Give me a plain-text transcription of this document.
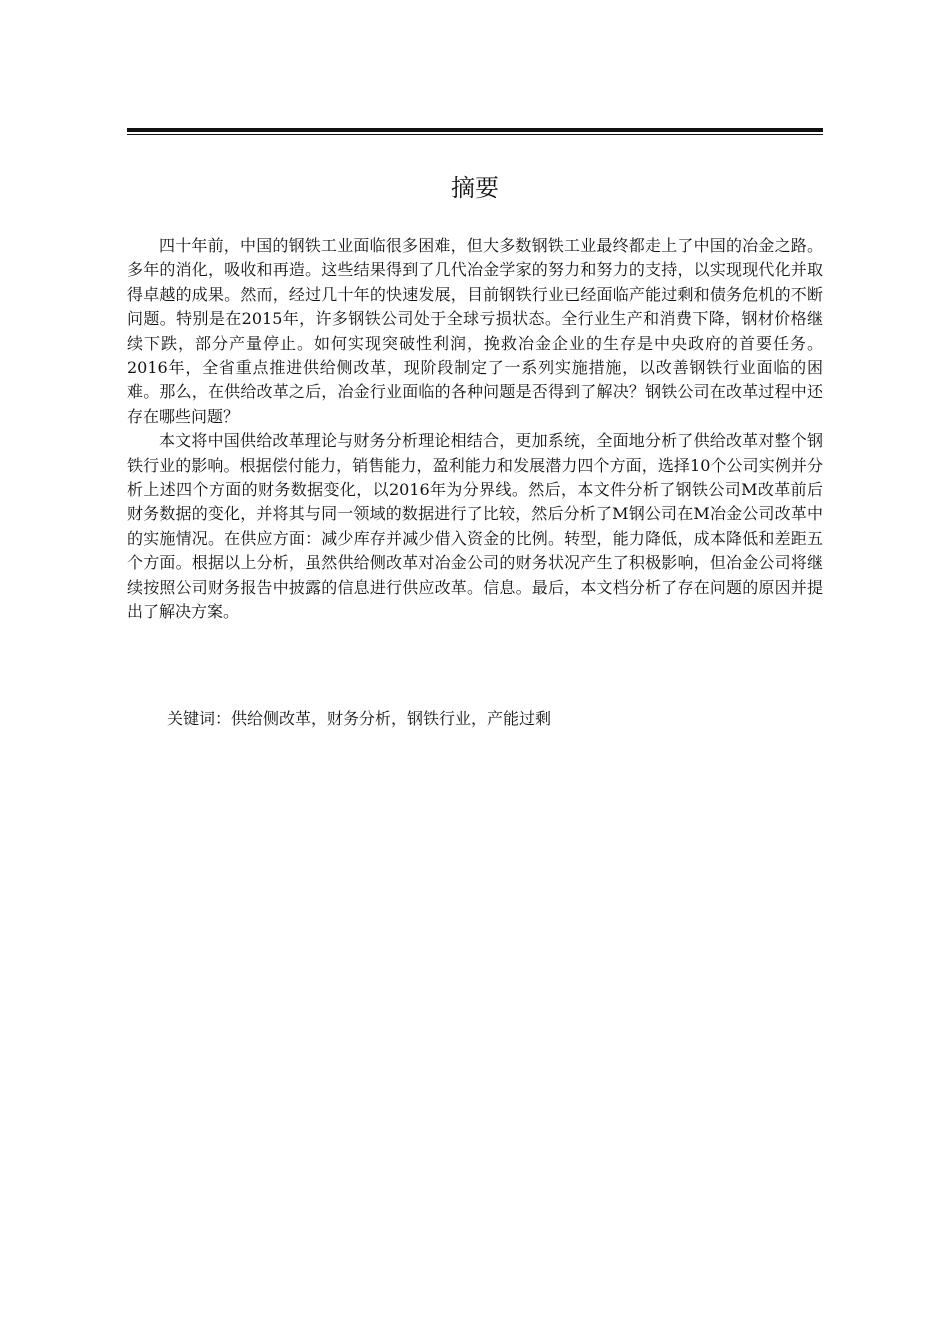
摘要

四十年前，中国的钢铁工业面临很多困难，但大多数钢铁工业最终都走上了中国的冶金之路。多年的消化，吸收和再造。这些结果得到了几代冶金学家的努力和努力的支持，以实现现代化并取得卓越的成果。然而，经过几十年的快速发展，目前钢铁行业已经面临产能过剩和债务危机的不断问题。特别是在2015年，许多钢铁公司处于全球亏损状态。全行业生产和消费下降，钢材价格继续下跌，部分产量停止。如何实现突破性利润，挽救冶金企业的生存是中央政府的首要任务。 2016年，全省重点推进供给侧改革，现阶段制定了一系列实施措施，以改善钢铁行业面临的困难。那么，在供给改革之后，冶金行业面临的各种问题是否得到了解决？钢铁公司在改革过程中还存在哪些问题？

本文将中国供给改革理论与财务分析理论相结合，更加系统，全面地分析了供给改革对整个钢铁行业的影响。根据偿付能力，销售能力，盈利能力和发展潜力四个方面，选择10个公司实例并分析上述四个方面的财务数据变化，以2016年为分界线。然后，本文件分析了钢铁公司M改革前后财务数据的变化，并将其与同一领域的数据进行了比较，然后分析了M钢公司在M冶金公司改革中的实施情况。在供应方面：减少库存并减少借入资金的比例。转型，能力降低，成本降低和差距五个方面。根据以上分析，虽然供给侧改革对冶金公司的财务状况产生了积极影响，但冶金公司将继续按照公司财务报告中披露的信息进行供应改革。信息。最后，本文档分析了存在问题的原因并提出了解决方案。

关键词：供给侧改革，财务分析，钢铁行业，产能过剩
